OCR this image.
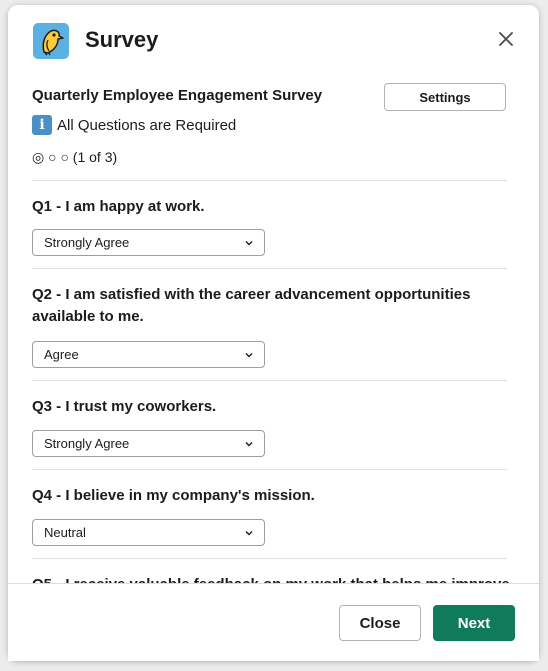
Survey
Quarterly Employee Engagement Survey	Settings
i All Questions are Required
◎ ○ ○ (1 of 3)
Q1 - I am happy at work.
Strongly Agree
Q2 - I am satisfied with the career advancement opportunities available to me.
Agree
Q3 - I trust my coworkers.
Strongly Agree
Q4 - I believe in my company's mission.
Neutral
Close	Next
